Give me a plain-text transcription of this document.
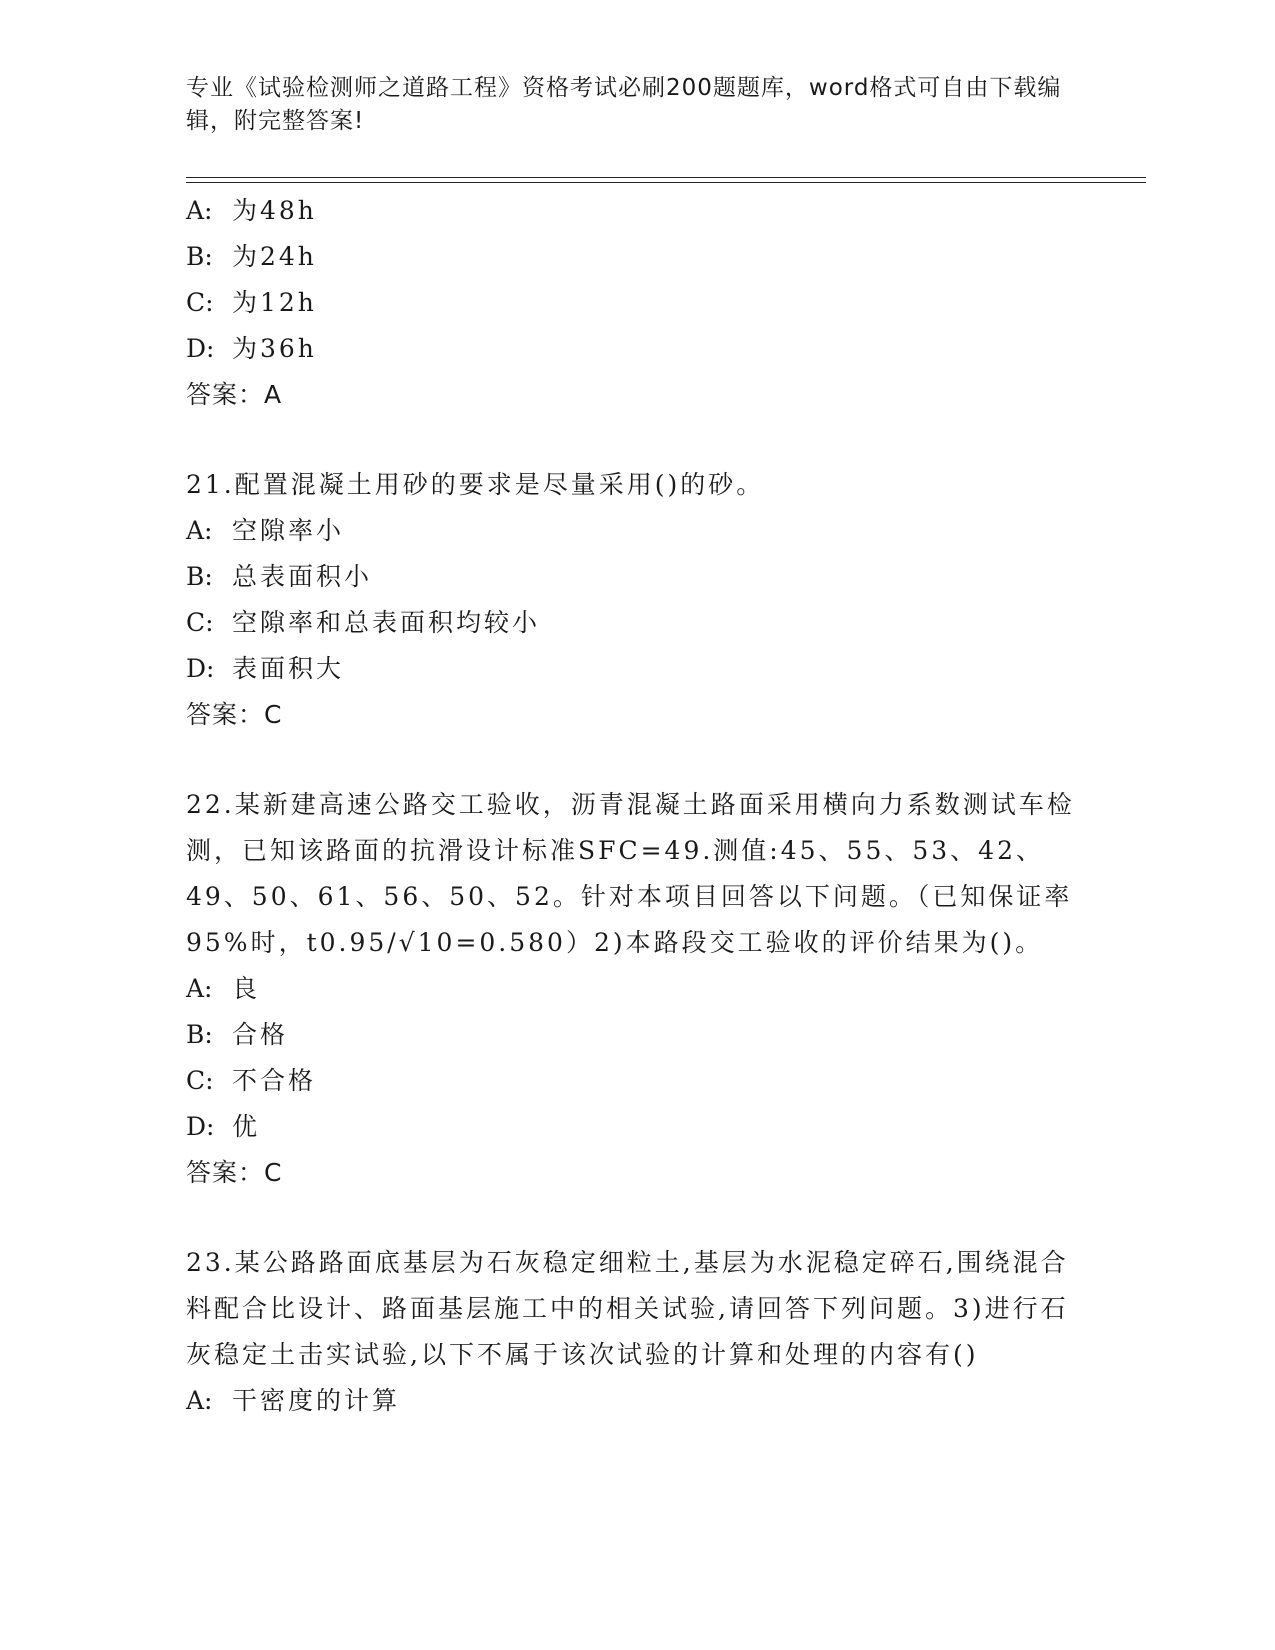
专业《试验检测师之道路工程》资格考试必刷200题题库，word格式可自由下载编辑，附完整答案!
A: 为48h
B: 为24h
C: 为12h
D: 为36h
答案：A
21.配置混凝土用砂的要求是尽量采用()的砂。
A: 空隙率小
B: 总表面积小
C: 空隙率和总表面积均较小
D: 表面积大
答案：C
22.某新建高速公路交工验收，沥青混凝土路面采用横向力系数测试车检测，已知该路面的抗滑设计标准SFC=49.测值:45、55、53、42、49、50、61、56、50、52。针对本项目回答以下问题。（已知保证率95%时，t0.95/√10=0.580）2)本路段交工验收的评价结果为()。
A: 良
B: 合格
C: 不合格
D: 优
答案：C
23.某公路路面底基层为石灰稳定细粒土,基层为水泥稳定碎石,围绕混合料配合比设计、路面基层施工中的相关试验,请回答下列问题。3)进行石灰稳定土击实试验,以下不属于该次试验的计算和处理的内容有()
A: 干密度的计算
